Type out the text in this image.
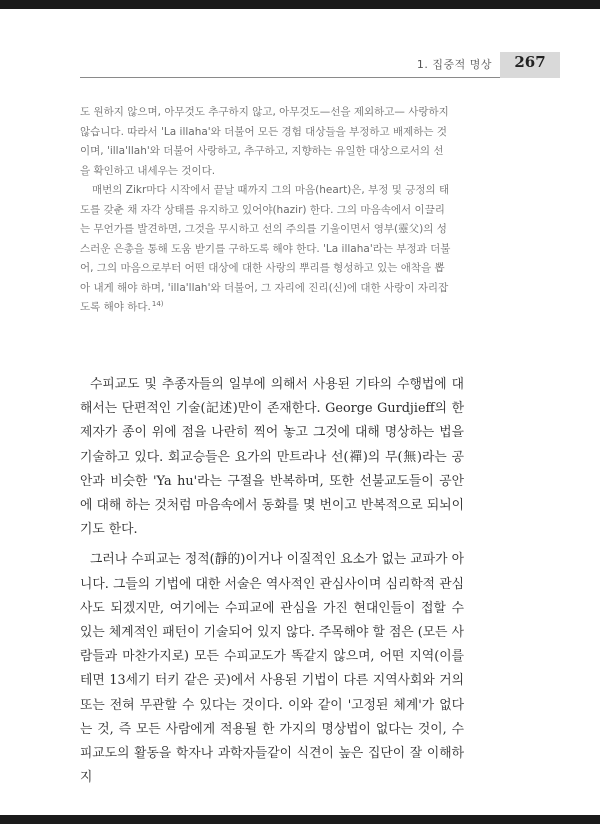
1. 집중적 명상	267

도 원하지 않으며, 아무것도 추구하지 않고, 아무것도—선을 제외하고— 사랑하지 않습니다. 따라서 'La illaha'와 더불어 모든 경험 대상들을 부정하고 배제하는 것이며, 'illa'llah'와 더불어 사랑하고, 추구하고, 지향하는 유일한 대상으로서의 선을 확인하고 내세우는 것이다.

매번의 Zikr마다 시작에서 끝날 때까지 그의 마음(heart)은, 부정 및 긍정의 태도를 갖춘 채 자각 상태를 유지하고 있어야(hazir) 한다. 그의 마음속에서 이끌리는 무언가를 발견하면, 그것을 무시하고 선의 주의를 기울이면서 영부(靈父)의 성스러운 은총을 통해 도움 받기를 구하도록 해야 한다. 'La illaha'라는 부정과 더불어, 그의 마음으로부터 어떤 대상에 대한 사랑의 뿌리를 형성하고 있는 애착을 뽑아 내게 해야 하며, 'illa'llah'와 더불어, 그 자리에 진리(신)에 대한 사랑이 자리잡도록 해야 하다.$^{14)}$

수피교도 및 추종자들의 일부에 의해서 사용된 기타의 수행법에 대해서는 단편적인 기술(記述)만이 존재한다. George Gurdjieff의 한 제자가 종이 위에 점을 나란히 찍어 놓고 그것에 대해 명상하는 법을 기술하고 있다. 회교승들은 요가의 만트라나 선(禪)의 무(無)라는 공안과 비슷한 'Ya hu'라는 구절을 반복하며, 또한 선불교도들이 공안에 대해 하는 것처럼 마음속에서 동화를 몇 번이고 반복적으로 되뇌이기도 한다.

그러나 수피교는 정적(靜的)이거나 이질적인 요소가 없는 교파가 아니다. 그들의 기법에 대한 서술은 역사적인 관심사이며 심리학적 관심사도 되겠지만, 여기에는 수피교에 관심을 가진 현대인들이 접할 수 있는 체계적인 패턴이 기술되어 있지 않다. 주목해야 할 점은 (모든 사람들과 마찬가지로) 모든 수피교도가 똑같지 않으며, 어떤 지역(이를테면 13세기 터키 같은 곳)에서 사용된 기법이 다른 지역사회와 거의 또는 전혀 무관할 수 있다는 것이다. 이와 같이 '고정된 체계'가 없다는 것, 즉 모든 사람에게 적용될 한 가지의 명상법이 없다는 것이, 수피교도의 활동을 학자나 과학자들같이 식견이 높은 집단이 잘 이해하지
